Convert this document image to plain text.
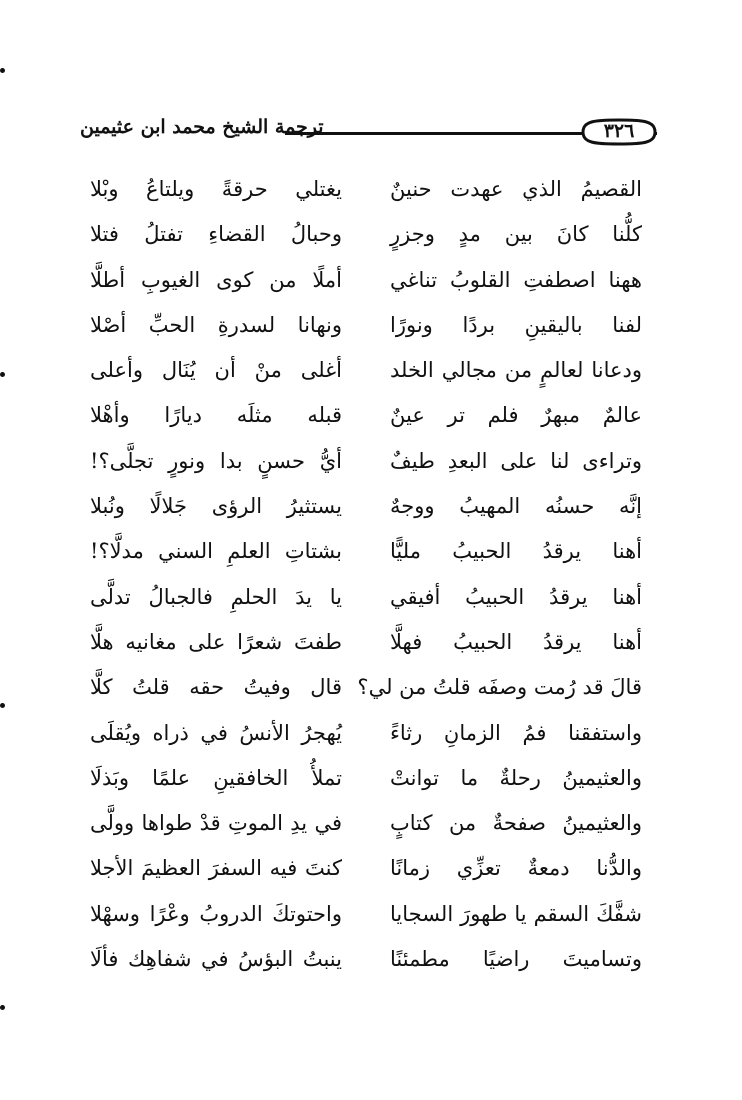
٣٢٦
ترجمة الشيخ محمد ابن عثيمين
القصيمُ الذي عهدت حنينٌ
يغتلي حرقةً ويلتاعُ وبْلا
كلُّنا كانَ بين مدٍ وجزرٍ
وحبالُ القضاءِ تفتلُ فتلا
ههنا اصطفتِ القلوبُ تناغي
أملًا من كوى الغيوبِ أطلَّا
لفنا باليقينِ بردًا ونورًا
ونهانا لسدرةِ الحبِّ أصْلا
ودعانا لعالمٍ من مجالي الخلد
أغلى منْ أن يُنَال وأعلى
عالمٌ مبهرٌ فلم تر عينٌ
قبله مثلَه ديارًا وأهْلا
وتراءى لنا على البعدِ طيفٌ
أيُّ حسنٍ بدا ونورٍ تجلَّى؟!
إنَّه حسنُه المهيبُ ووجهٌ
يستثيرُ الرؤى جَلالًا ونُبلا
أهنا يرقدُ الحبيبُ مليًّا
بشتاتِ العلمِ السني مدلَّا؟!
أهنا يرقدُ الحبيبُ أفيقي
يا يدَ الحلمِ فالجبالُ تدلَّى
أهنا يرقدُ الحبيبُ فهلَّا
طفتَ شعرًا على مغانيه هلَّا
قالَ قد رُمت وصفَه قلتُ من لي؟
قال وفيتُ حقه قلتُ كلَّا
واستفقنا فمُ الزمانِ رثاءً
يُهجرُ الأنسُ في ذراه ويُقلَى
والعثيمينُ رحلةٌ ما توانتْ
تملأُ الخافقينِ علمًا وبَذلَا
والعثيمينُ صفحةٌ من كتابٍ
في يدِ الموتِ قدْ طواها وولَّى
والدُّنا دمعةٌ تعزِّي زمانًا
كنتَ فيه السفرَ العظيمَ الأجلا
شفَّكَ السقم يا طهورَ السجايا
واحتوتكَ الدروبُ وعْرًا وسهْلا
وتساميتَ راضيًا مطمئنًا
ينبتُ البؤسُ في شفاهِك فألَا
